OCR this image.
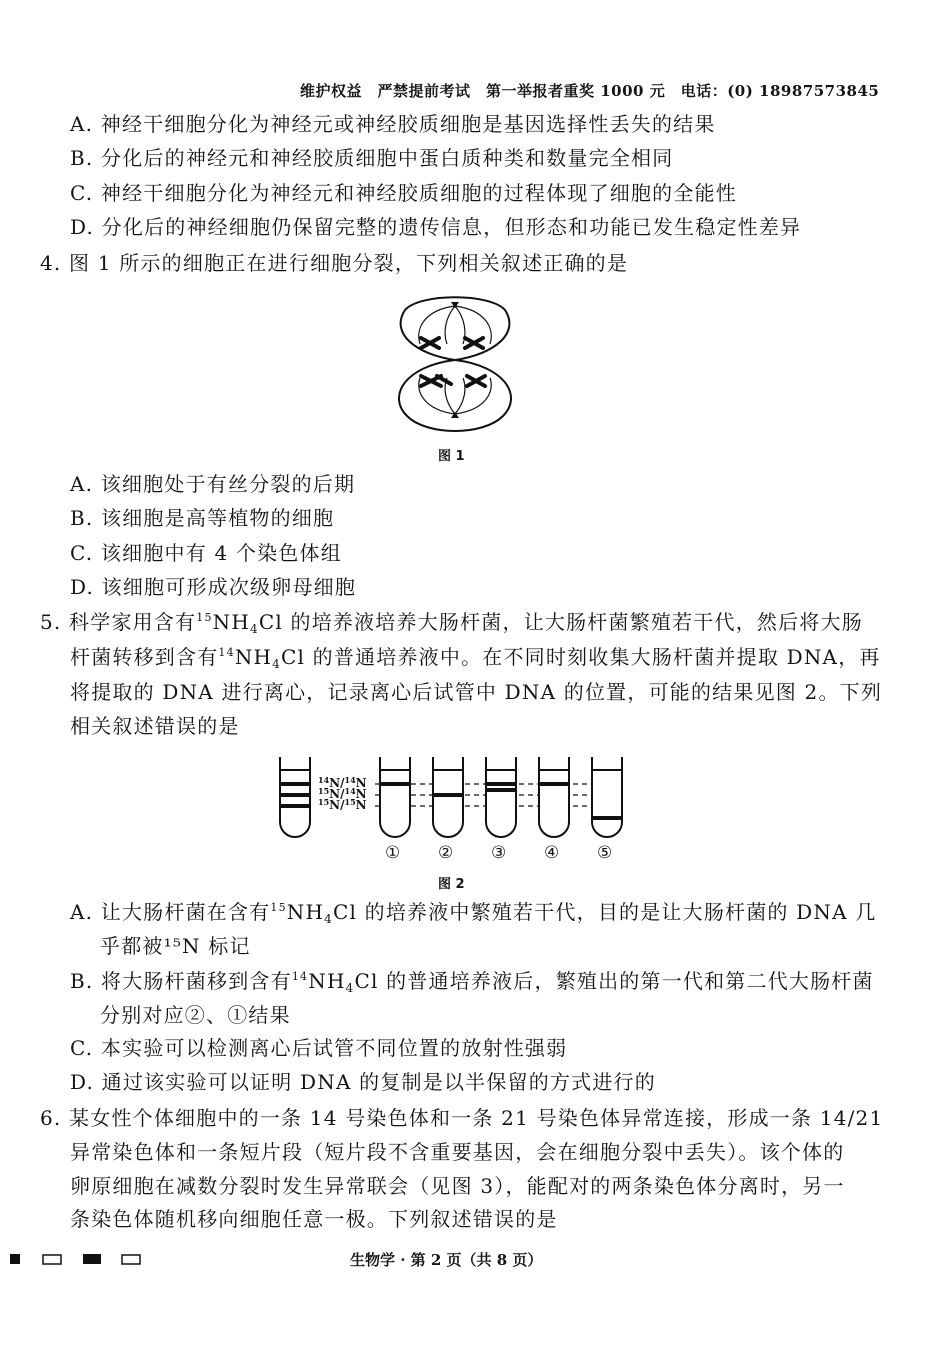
维护权益　严禁提前考试　第一举报者重奖 1000 元　电话：(0) 18987573845
A. 神经干细胞分化为神经元或神经胶质细胞是基因选择性丢失的结果
B. 分化后的神经元和神经胶质细胞中蛋白质种类和数量完全相同
C. 神经干细胞分化为神经元和神经胶质细胞的过程体现了细胞的全能性
D. 分化后的神经细胞仍保留完整的遗传信息，但形态和功能已发生稳定性差异
4. 图 1 所示的细胞正在进行细胞分裂，下列相关叙述正确的是
图 1
A. 该细胞处于有丝分裂的后期
B. 该细胞是高等植物的细胞
C. 该细胞中有 4 个染色体组
D. 该细胞可形成次级卵母细胞
5. 科学家用含有$^{15}NH_4Cl$ 的培养液培养大肠杆菌，让大肠杆菌繁殖若干代，然后将大肠
杆菌转移到含有$^{14}NH_4Cl$ 的普通培养液中。在不同时刻收集大肠杆菌并提取 DNA，再
将提取的 DNA 进行离心，记录离心后试管中 DNA 的位置，可能的结果见图 2。下列
相关叙述错误的是
$^{14}$N/$^{14}$N
$^{15}$N/$^{14}$N
$^{15}$N/$^{15}$N
① ② ③ ④ ⑤
图 2
A. 让大肠杆菌在含有$^{15}NH_4Cl$ 的培养液中繁殖若干代，目的是让大肠杆菌的 DNA 几
乎都被¹⁵N 标记
B. 将大肠杆菌移到含有$^{14}NH_4Cl$ 的普通培养液后，繁殖出的第一代和第二代大肠杆菌
分别对应②、①结果
C. 本实验可以检测离心后试管不同位置的放射性强弱
D. 通过该实验可以证明 DNA 的复制是以半保留的方式进行的
6. 某女性个体细胞中的一条 14 号染色体和一条 21 号染色体异常连接，形成一条 14/21
异常染色体和一条短片段（短片段不含重要基因，会在细胞分裂中丢失）。该个体的
卵原细胞在减数分裂时发生异常联会（见图 3），能配对的两条染色体分离时，另一
条染色体随机移向细胞任意一极。下列叙述错误的是
生物学 · 第 2 页（共 8 页）
